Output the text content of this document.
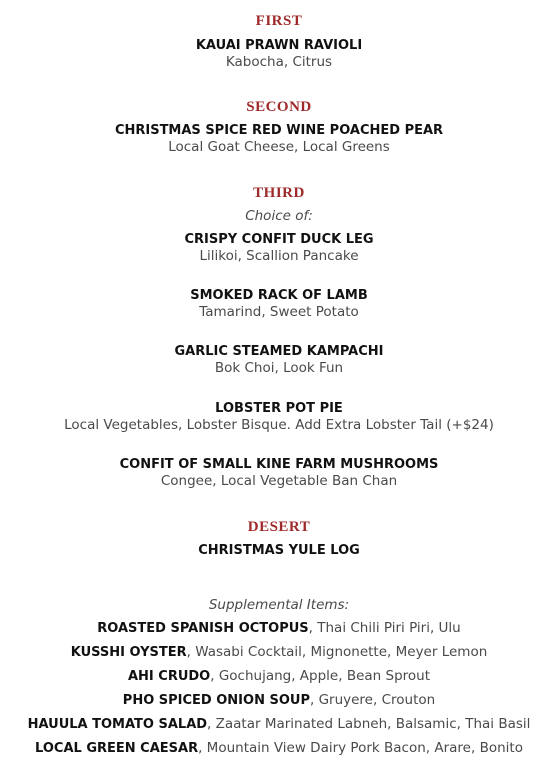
FIRST

KAUAI PRAWN RAVIOLI

Kabocha, Citrus

SECOND

CHRISTMAS SPICE RED WINE POACHED PEAR

Local Goat Cheese, Local Greens

THIRD

Choice of:

CRISPY CONFIT DUCK LEG

Lilikoi, Scallion Pancake

SMOKED RACK OF LAMB

Tamarind, Sweet Potato

GARLIC STEAMED KAMPACHI

Bok Choi, Look Fun

LOBSTER POT PIE

Local Vegetables, Lobster Bisque. Add Extra Lobster Tail (+$24)

CONFIT OF SMALL KINE FARM MUSHROOMS

Congee, Local Vegetable Ban Chan

DESERT

CHRISTMAS YULE LOG

Supplemental Items:

ROASTED SPANISH OCTOPUS, Thai Chili Piri Piri, Ulu

KUSSHI OYSTER, Wasabi Cocktail, Mignonette, Meyer Lemon

AHI CRUDO, Gochujang, Apple, Bean Sprout

PHO SPICED ONION SOUP, Gruyere, Crouton

HAUULA TOMATO SALAD, Zaatar Marinated Labneh, Balsamic, Thai Basil

LOCAL GREEN CAESAR, Mountain View Dairy Pork Bacon, Arare, Bonito
